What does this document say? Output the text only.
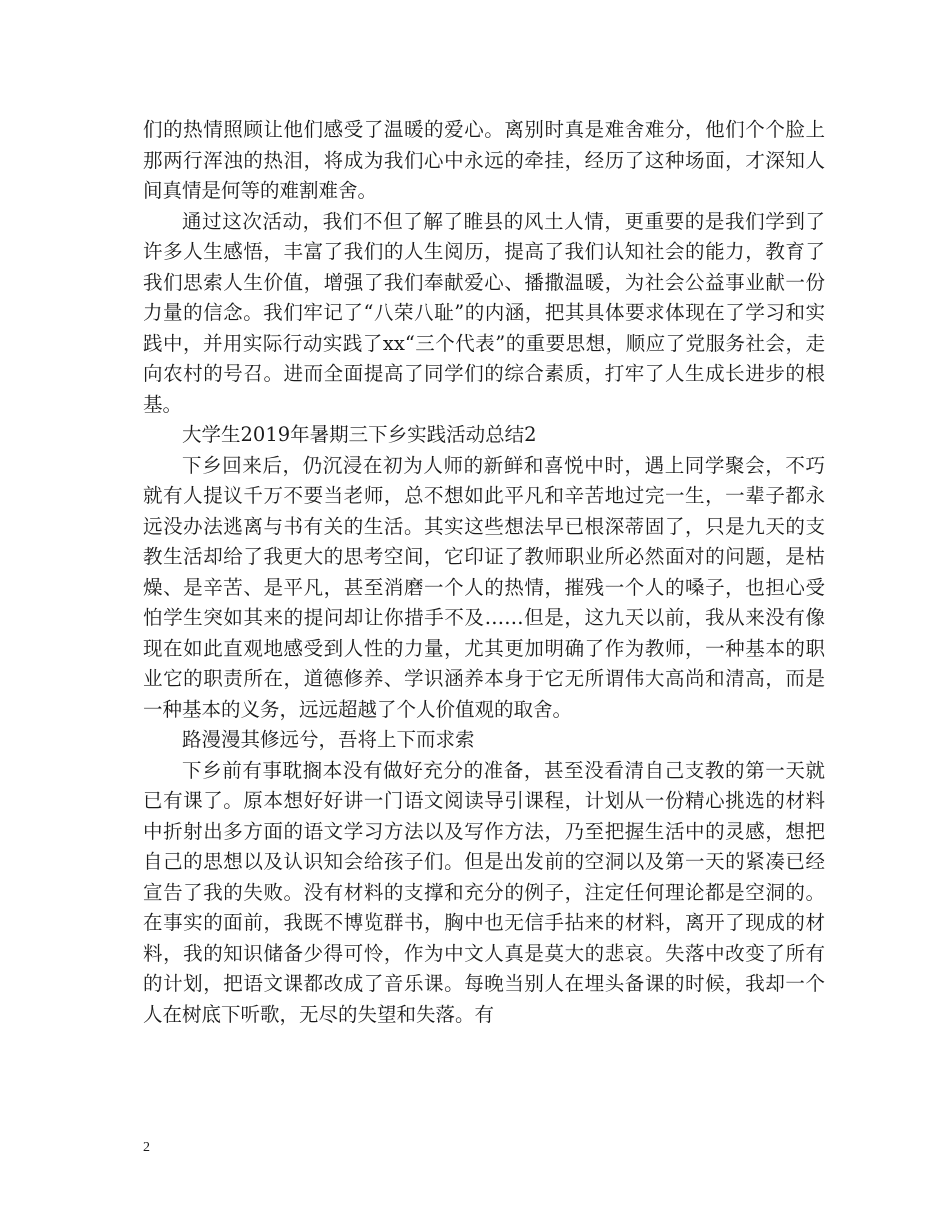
们的热情照顾让他们感受了温暖的爱心。离别时真是难舍难分，他们个个脸上那两行浑浊的热泪，将成为我们心中永远的牵挂，经历了这种场面，才深知人间真情是何等的难割难舍。

通过这次活动，我们不但了解了睢县的风土人情，更重要的是我们学到了许多人生感悟，丰富了我们的人生阅历，提高了我们认知社会的能力，教育了我们思索人生价值，增强了我们奉献爱心、播撒温暖，为社会公益事业献一份力量的信念。我们牢记了“八荣八耻”的内涵，把其具体要求体现在了学习和实践中，并用实际行动实践了xx“三个代表”的重要思想，顺应了党服务社会，走向农村的号召。进而全面提高了同学们的综合素质，打牢了人生成长进步的根基。

大学生2019年暑期三下乡实践活动总结2

下乡回来后，仍沉浸在初为人师的新鲜和喜悦中时，遇上同学聚会，不巧就有人提议千万不要当老师，总不想如此平凡和辛苦地过完一生，一辈子都永远没办法逃离与书有关的生活。其实这些想法早已根深蒂固了，只是九天的支教生活却给了我更大的思考空间，它印证了教师职业所必然面对的问题，是枯燥、是辛苦、是平凡，甚至消磨一个人的热情，摧残一个人的嗓子，也担心受怕学生突如其来的提问却让你措手不及……但是，这九天以前，我从来没有像现在如此直观地感受到人性的力量，尤其更加明确了作为教师，一种基本的职业它的职责所在，道德修养、学识涵养本身于它无所谓伟大高尚和清高，而是一种基本的义务，远远超越了个人价值观的取舍。

路漫漫其修远兮，吾将上下而求索

下乡前有事耽搁本没有做好充分的准备，甚至没看清自己支教的第一天就已有课了。原本想好好讲一门语文阅读导引课程，计划从一份精心挑选的材料中折射出多方面的语文学习方法以及写作方法，乃至把握生活中的灵感，想把自己的思想以及认识知会给孩子们。但是出发前的空洞以及第一天的紧凑已经宣告了我的失败。没有材料的支撑和充分的例子，注定任何理论都是空洞的。在事实的面前，我既不博览群书，胸中也无信手拈来的材料，离开了现成的材料，我的知识储备少得可怜，作为中文人真是莫大的悲哀。失落中改变了所有的计划，把语文课都改成了音乐课。每晚当别人在埋头备课的时候，我却一个人在树底下听歌，无尽的失望和失落。有

2
